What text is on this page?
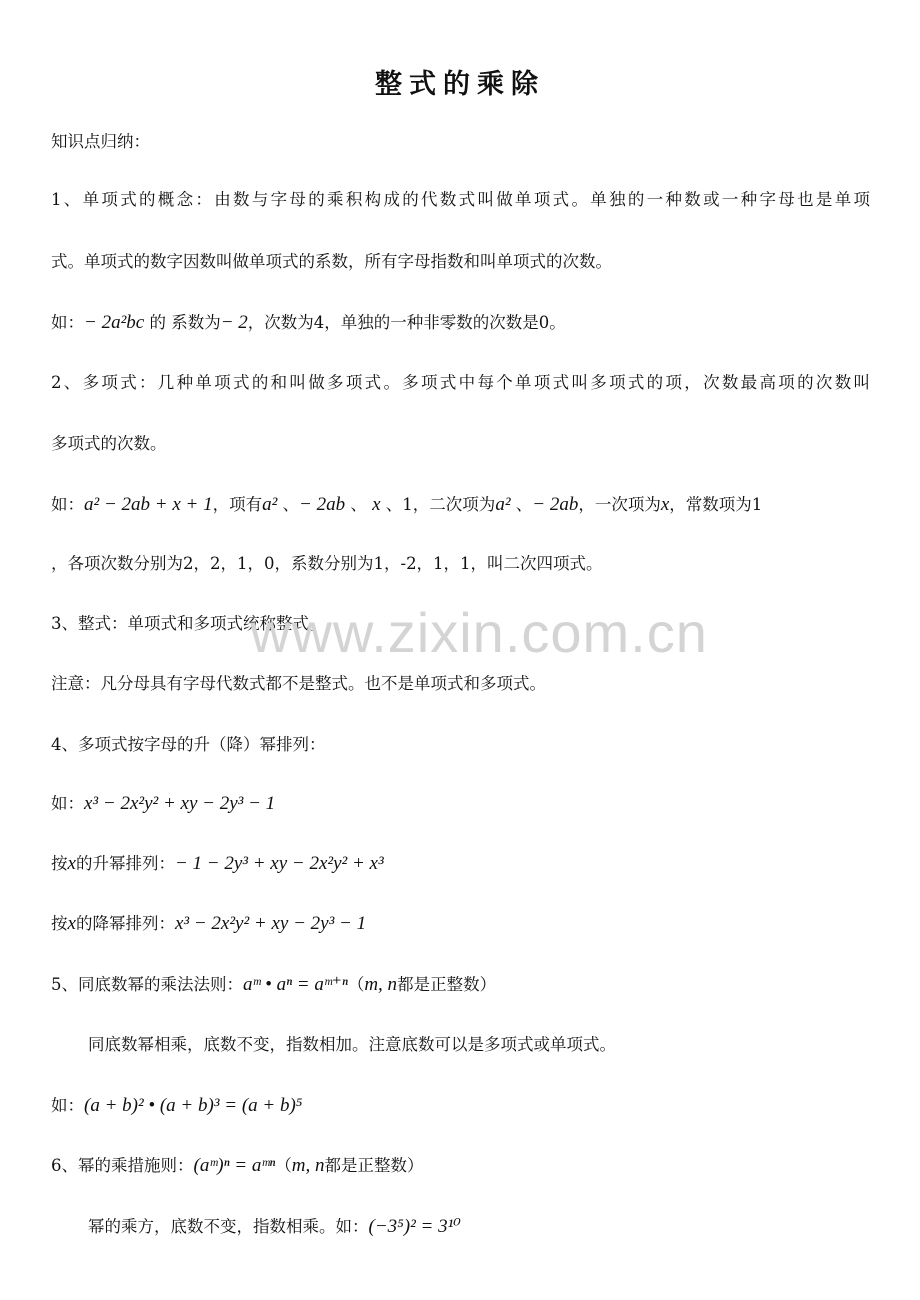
整式的乘除
知识点归纳：
1、单项式的概念：由数与字母的乘积构成的代数式叫做单项式。单独的一种数或一种字母也是单项
式。单项式的数字因数叫做单项式的系数，所有字母指数和叫单项式的次数。
如：− 2a²bc 的 系数为− 2，次数为4，单独的一种非零数的次数是0。
2、多项式：几种单项式的和叫做多项式。多项式中每个单项式叫多项式的项，次数最高项的次数叫
多项式的次数。
如：a² − 2ab + x + 1，项有a² 、− 2ab 、 x 、1，二次项为a² 、− 2ab，一次项为x，常数项为1
，各项次数分别为2，2，1，0，系数分别为1，-2，1，1，叫二次四项式。
3、整式：单项式和多项式统称整式。
注意：凡分母具有字母代数式都不是整式。也不是单项式和多项式。
4、多项式按字母的升（降）幂排列：
如：x³ − 2x²y² + xy − 2y³ − 1
按x的升幂排列：− 1 − 2y³ + xy − 2x²y² + x³
按x的降幂排列：x³ − 2x²y² + xy − 2y³ − 1
5、同底数幂的乘法法则：aᵐ • aⁿ = aᵐ⁺ⁿ（m, n都是正整数）
同底数幂相乘，底数不变，指数相加。注意底数可以是多项式或单项式。
如：(a + b)² • (a + b)³ = (a + b)⁵
6、幂的乘措施则：(aᵐ)ⁿ = aᵐⁿ（m, n都是正整数）
幂的乘方，底数不变，指数相乘。如：(−3⁵)² = 3¹⁰
www.zixin.com.cn
